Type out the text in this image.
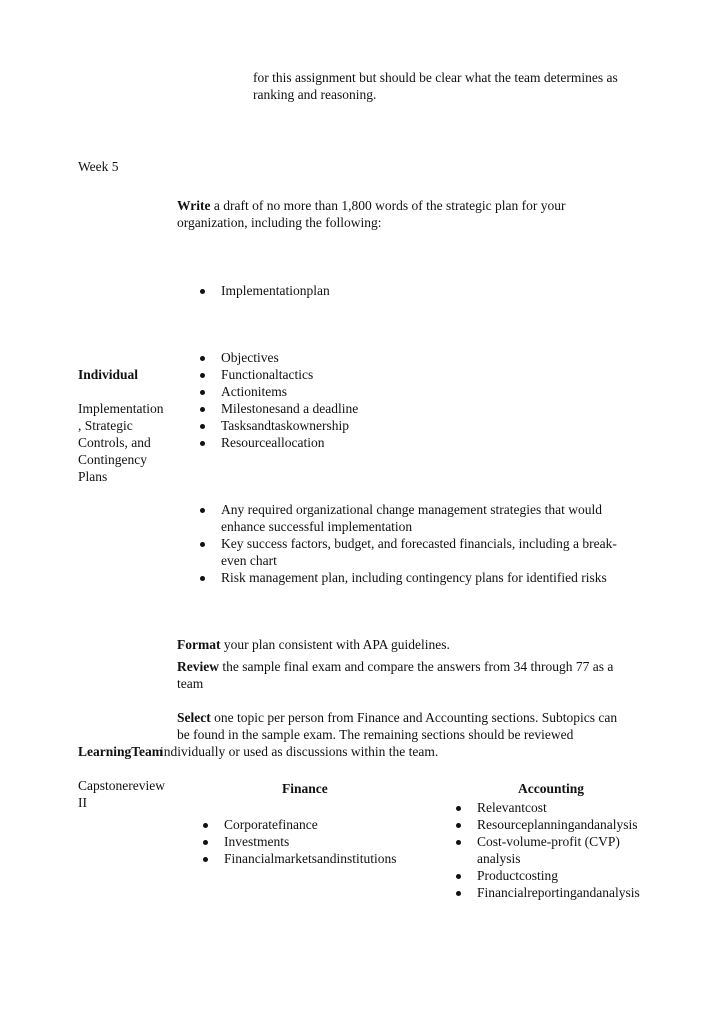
for this assignment but should be clear what the team determines as
ranking and reasoning.
Week 5
Write a draft of no more than 1,800 words of the strategic plan for your
organization, including the following:
Implementationplan
Objectives
Functionaltactics
Actionitems
Milestonesand a deadline
Tasksandtaskownership
Resourceallocation
Individual
Implementation
, Strategic
Controls, and
Contingency
Plans
Any required organizational change management strategies that would
enhance successful implementation
Key success factors, budget, and forecasted financials, including a break-
even chart
Risk management plan, including contingency plans for identified risks
Format your plan consistent with APA guidelines.
Review the sample final exam and compare the answers from 34 through 77 as a
team
Select one topic per person from Finance and Accounting sections. Subtopics can
be found in the sample exam. The remaining sections should be reviewed
individually or used as discussions within the team.
LearningTeam
Capstonereview
II
Finance
Corporatefinance
Investments
Financialmarketsandinstitutions
Accounting
Relevantcost
Resourceplanningandanalysis
Cost-volume-profit (CVP)
analysis
Productcosting
Financialreportingandanalysis
